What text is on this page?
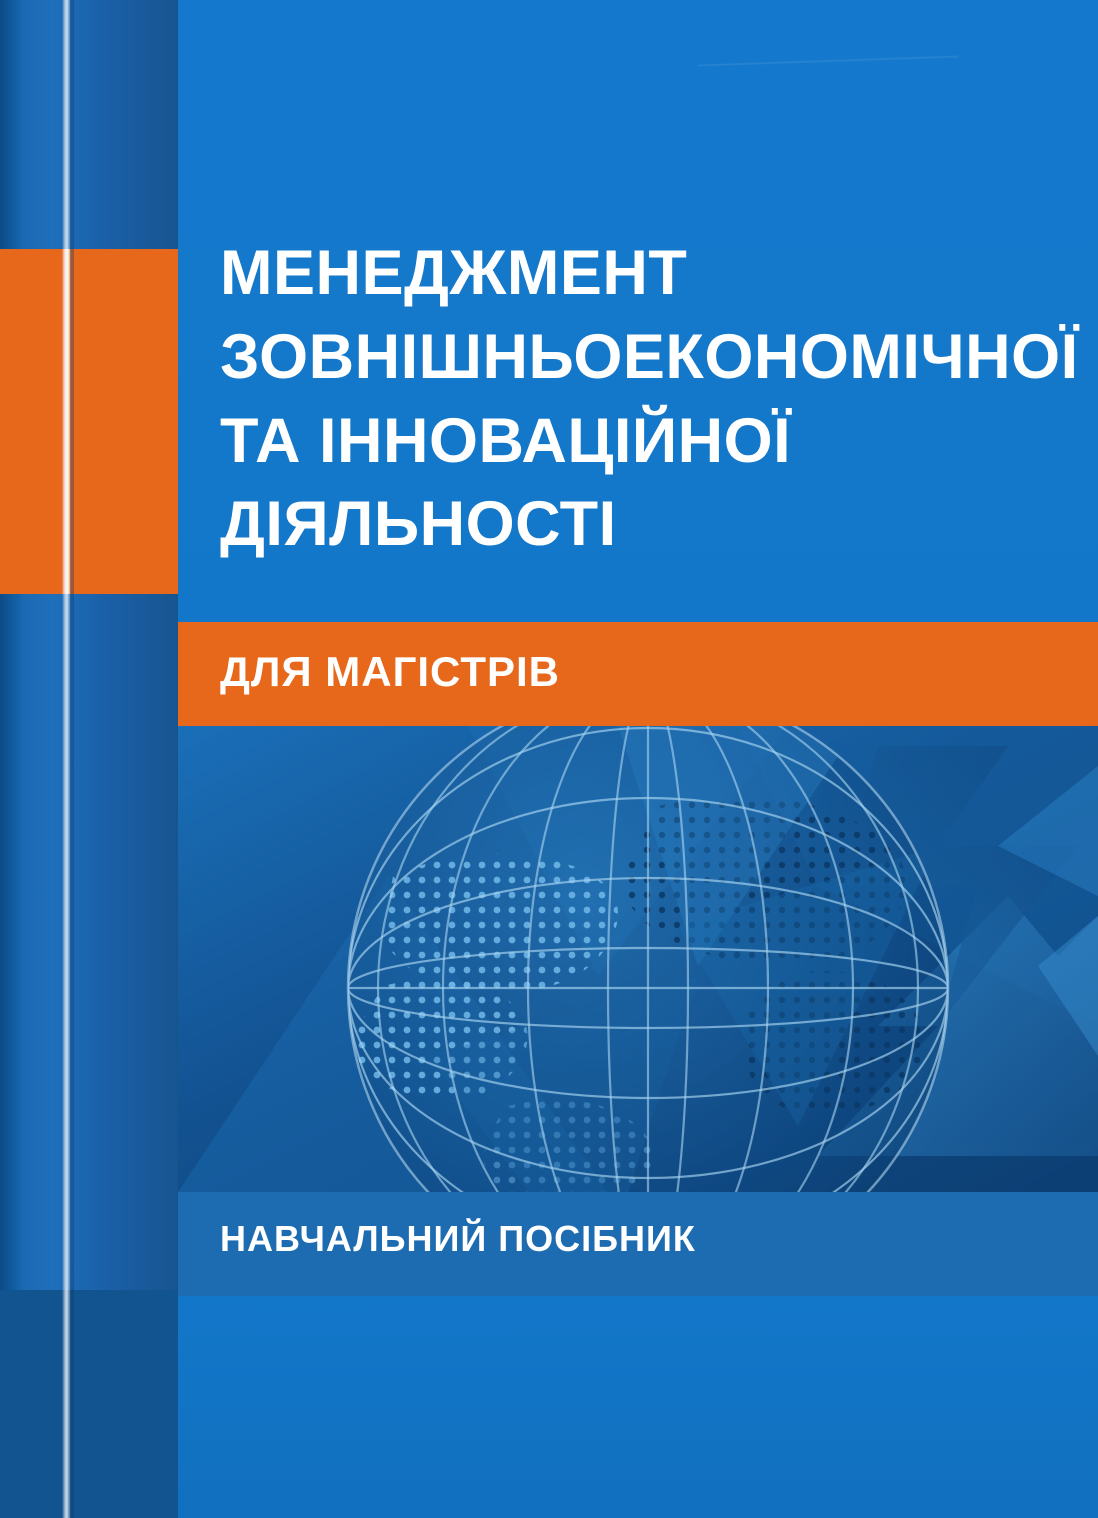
МЕНЕДЖМЕНТ
ЗОВНІШНЬОЕКОНОМІЧНОЇ
ТА ІННОВАЦІЙНОЇ
ДІЯЛЬНОСТІ
ДЛЯ МАГІСТРІВ
НАВЧАЛЬНИЙ ПОСІБНИК
